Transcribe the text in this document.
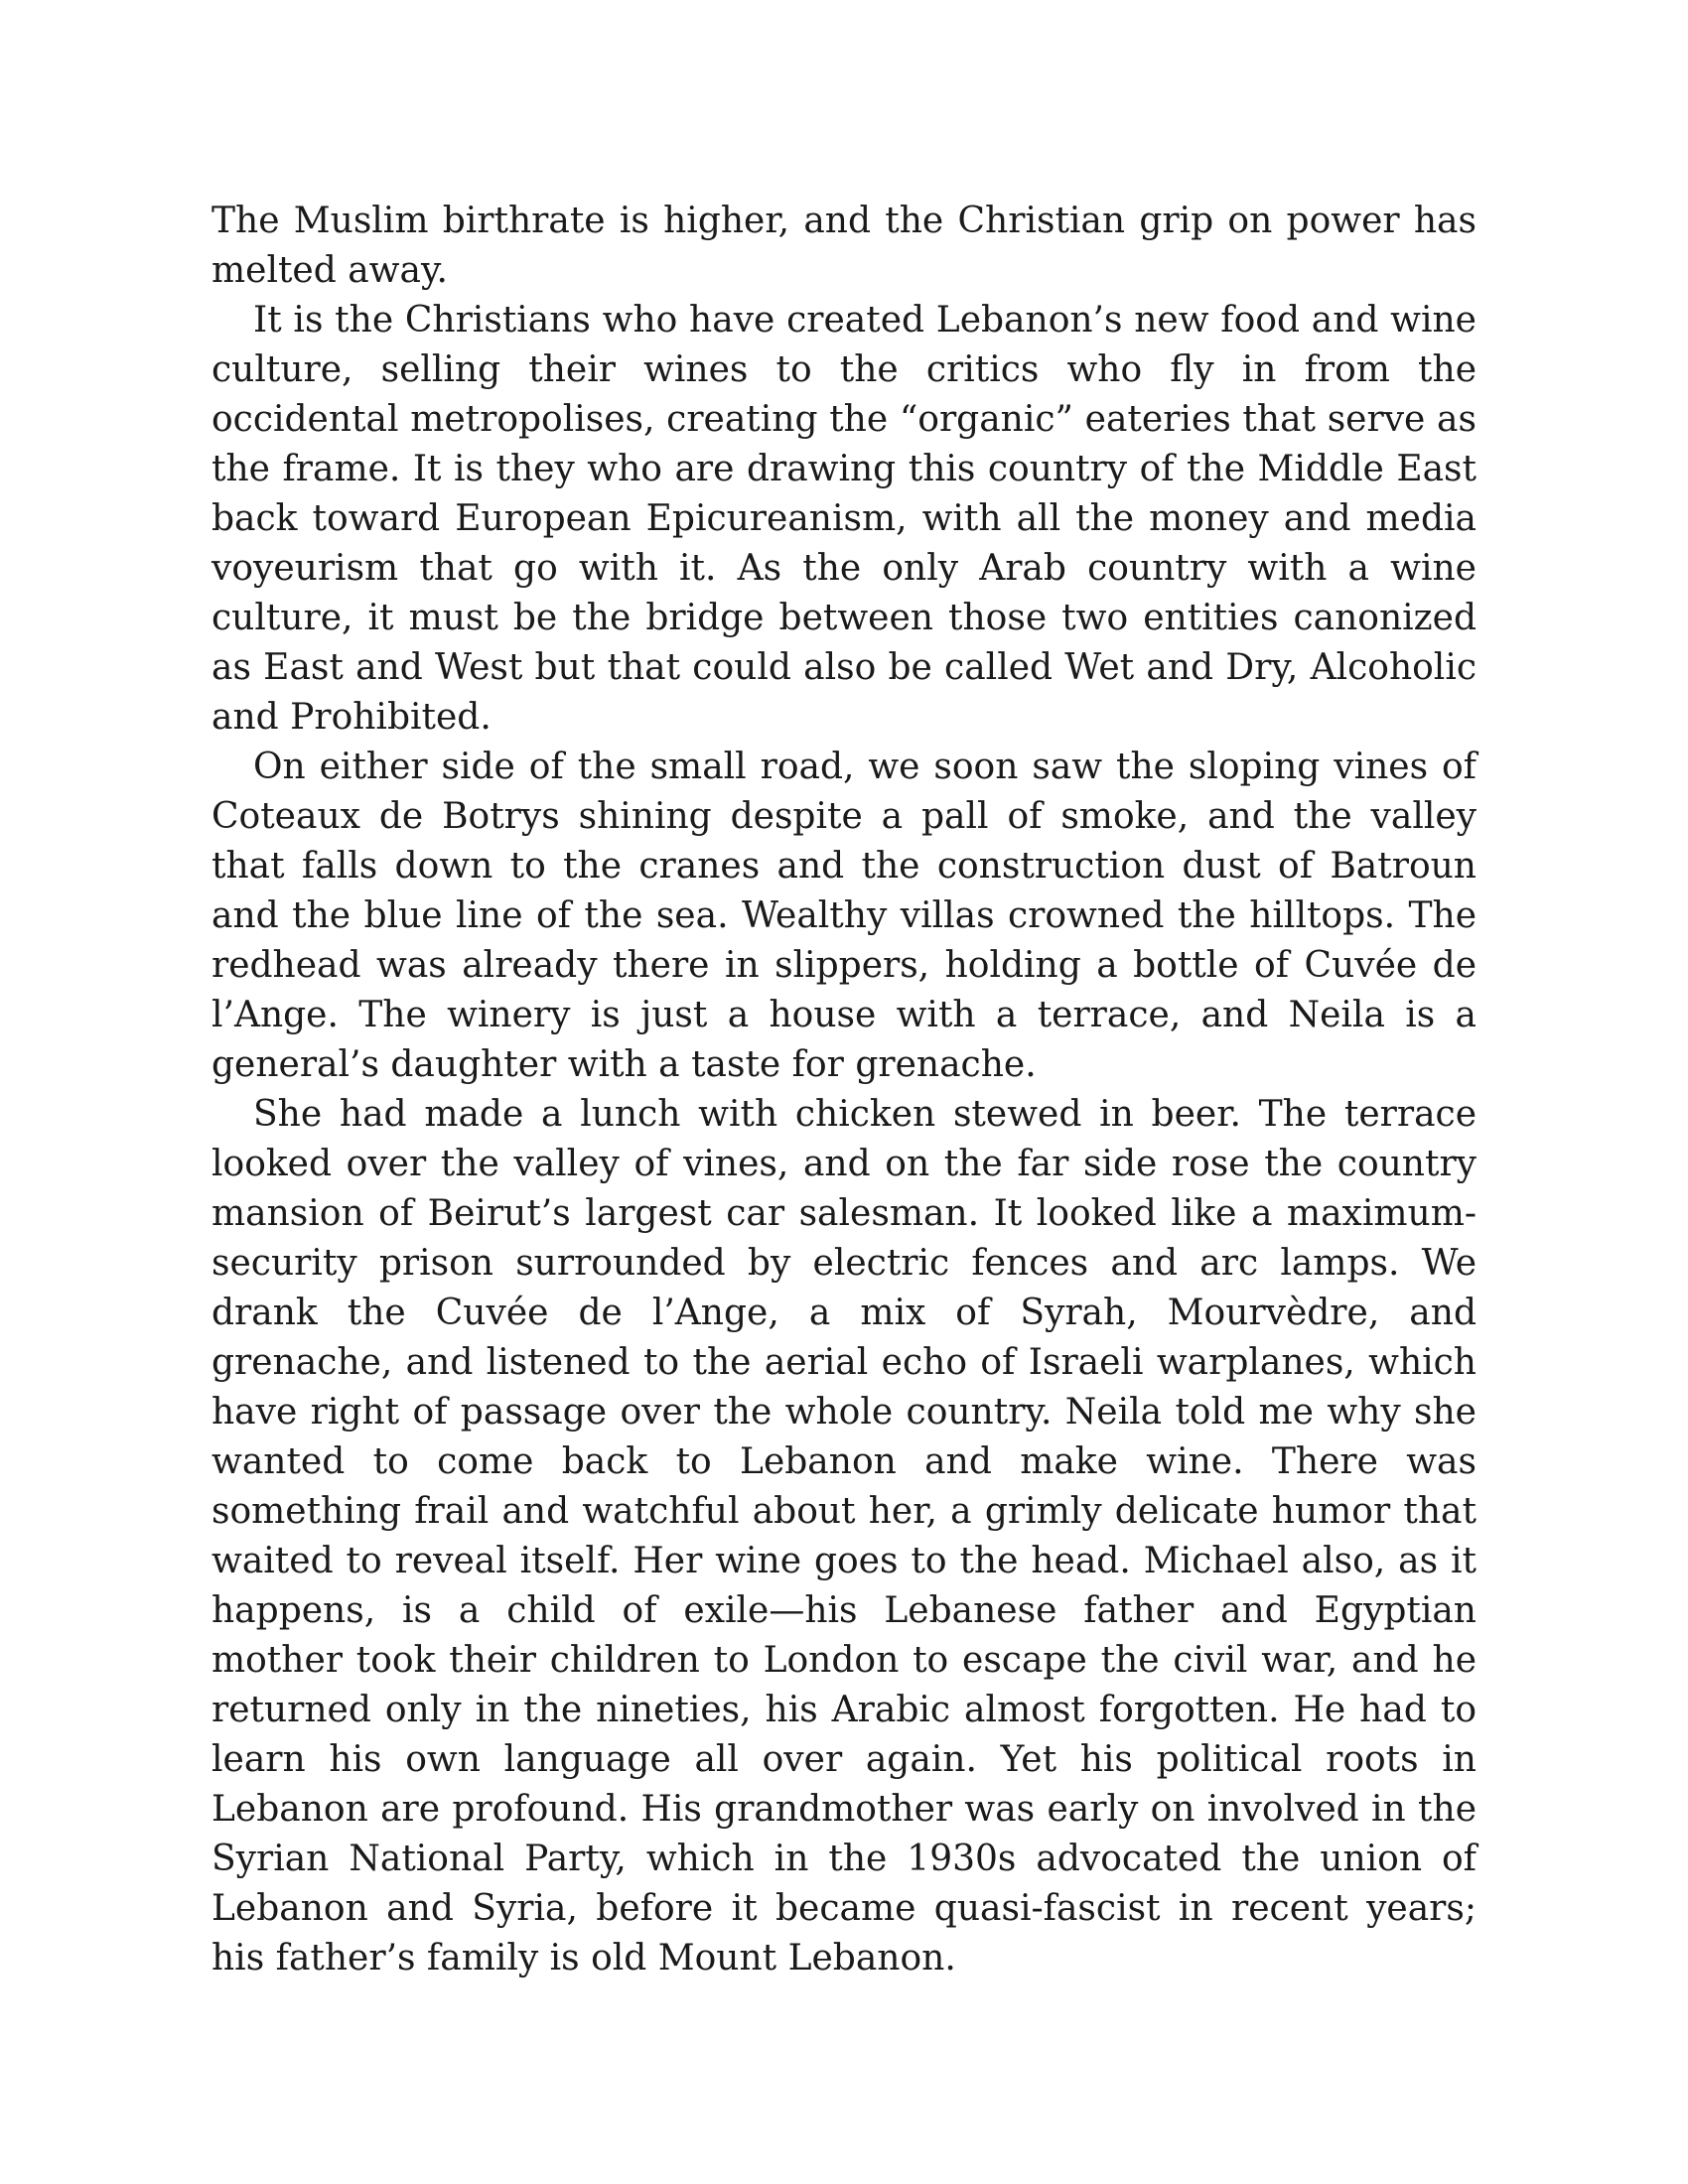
The Muslim birthrate is higher, and the Christian grip on power has melted away.

It is the Christians who have created Lebanon’s new food and wine culture, selling their wines to the critics who fly in from the occidental metropolises, creating the “organic” eateries that serve as the frame. It is they who are drawing this country of the Middle East back toward European Epicureanism, with all the money and media voyeurism that go with it. As the only Arab country with a wine culture, it must be the bridge between those two entities canonized as East and West but that could also be called Wet and Dry, Alcoholic and Prohibited.

On either side of the small road, we soon saw the sloping vines of Coteaux de Botrys shining despite a pall of smoke, and the valley that falls down to the cranes and the construction dust of Batroun and the blue line of the sea. Wealthy villas crowned the hilltops. The redhead was already there in slippers, holding a bottle of Cuvée de l’Ange. The winery is just a house with a terrace, and Neila is a general’s daughter with a taste for grenache.

She had made a lunch with chicken stewed in beer. The terrace looked over the valley of vines, and on the far side rose the country mansion of Beirut’s largest car salesman. It looked like a maximum-security prison surrounded by electric fences and arc lamps. We drank the Cuvée de l’Ange, a mix of Syrah, Mourvèdre, and grenache, and listened to the aerial echo of Israeli warplanes, which have right of passage over the whole country. Neila told me why she wanted to come back to Lebanon and make wine. There was something frail and watchful about her, a grimly delicate humor that waited to reveal itself. Her wine goes to the head. Michael also, as it happens, is a child of exile—his Lebanese father and Egyptian mother took their children to London to escape the civil war, and he returned only in the nineties, his Arabic almost forgotten. He had to learn his own language all over again. Yet his political roots in Lebanon are profound. His grandmother was early on involved in the Syrian National Party, which in the 1930s advocated the union of Lebanon and Syria, before it became quasi-fascist in recent years; his father’s family is old Mount Lebanon.
